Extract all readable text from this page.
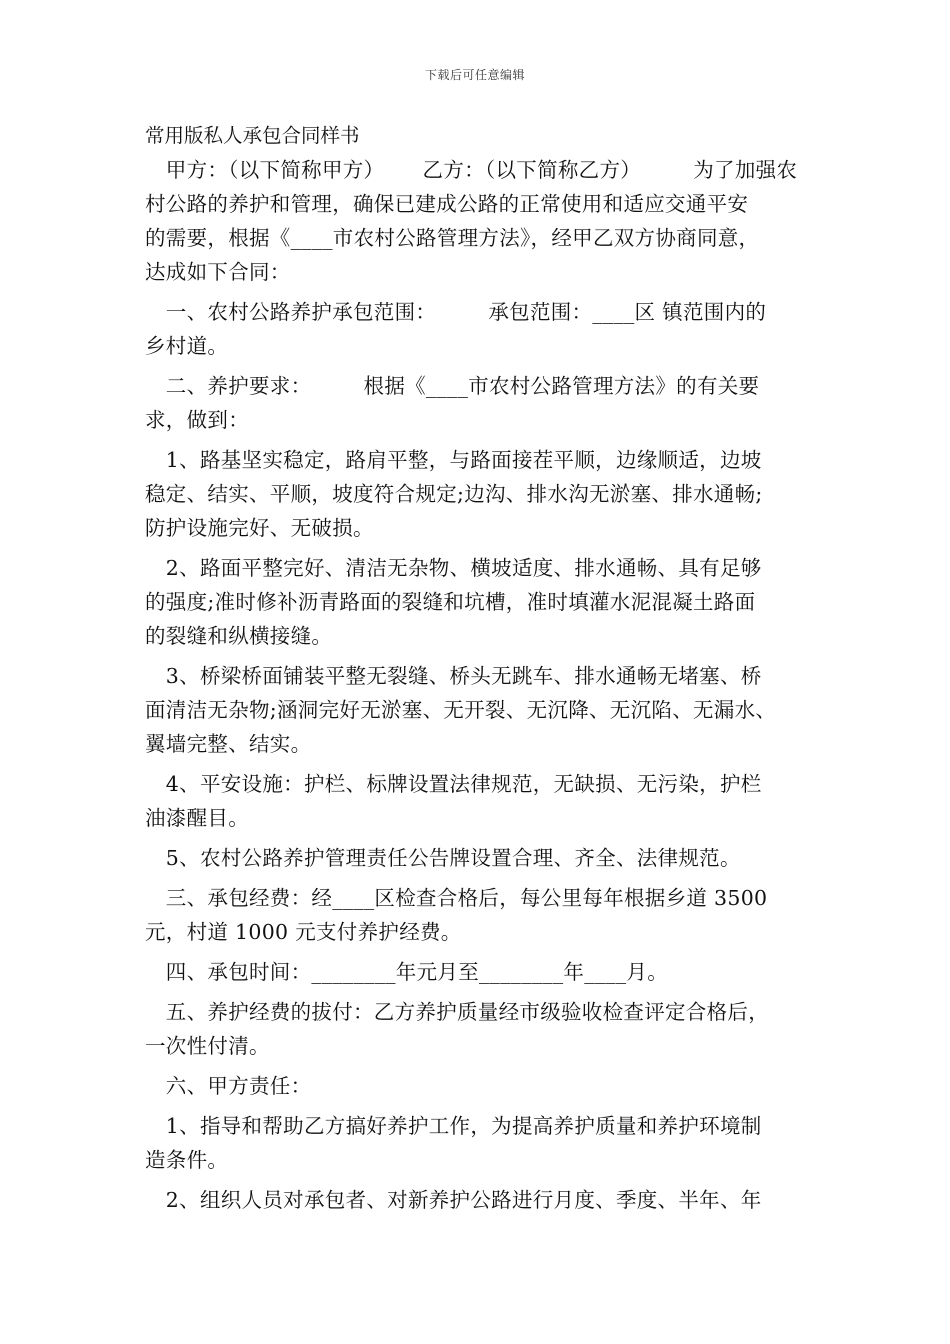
下载后可任意编辑
常用版私人承包合同样书
　甲方：（以下简称甲方）　　 乙方：（以下简称乙方）　　　为了加强农
村公路的养护和管理，确保已建成公路的正常使用和适应交通平安
的需要，根据《____市农村公路管理方法》，经甲乙双方协商同意，
达成如下合同：
　一、农村公路养护承包范围：　　　承包范围：____区 镇范围内的
乡村道。
　二、养护要求：　　　根据《____市农村公路管理方法》的有关要
求，做到：
　1、路基坚实稳定，路肩平整，与路面接茬平顺，边缘顺适，边坡
稳定、结实、平顺，坡度符合规定;边沟、排水沟无淤塞、排水通畅;
防护设施完好、无破损。
　2、路面平整完好、清洁无杂物、横坡适度、排水通畅、具有足够
的强度;准时修补沥青路面的裂缝和坑槽，准时填灌水泥混凝土路面
的裂缝和纵横接缝。
　3、桥梁桥面铺装平整无裂缝、桥头无跳车、排水通畅无堵塞、桥
面清洁无杂物;涵洞完好无淤塞、无开裂、无沉降、无沉陷、无漏水、
翼墙完整、结实。
　4、平安设施：护栏、标牌设置法律规范，无缺损、无污染，护栏
油漆醒目。
　5、农村公路养护管理责任公告牌设置合理、齐全、法律规范。
　三、承包经费：经____区检查合格后，每公里每年根据乡道 3500
元，村道 1000 元支付养护经费。
　四、承包时间：________年元月至________年____月。
　五、养护经费的拔付：乙方养护质量经市级验收检查评定合格后，
一次性付清。
　六、甲方责任：
　1、指导和帮助乙方搞好养护工作，为提高养护质量和养护环境制
造条件。
　2、组织人员对承包者、对新养护公路进行月度、季度、半年、年
